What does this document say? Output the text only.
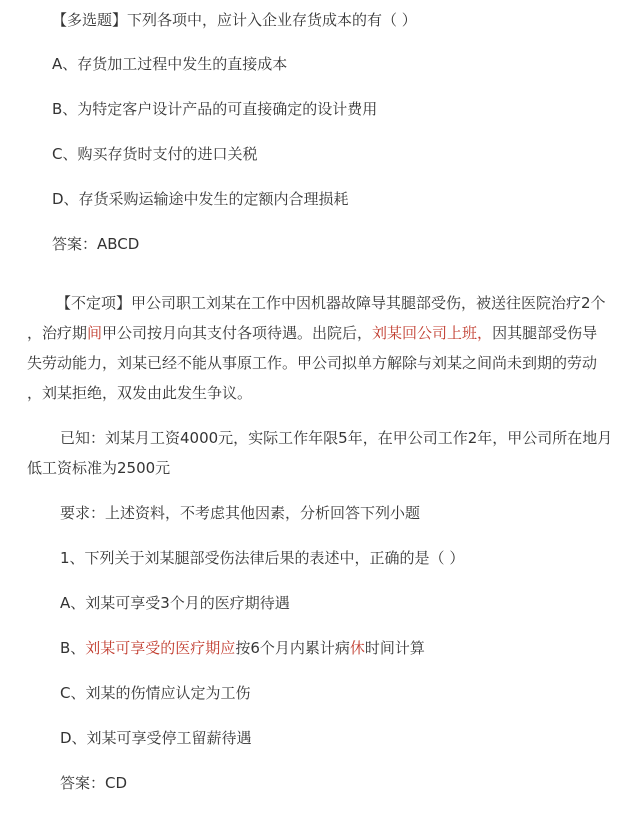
【多选题】下列各项中，应计入企业存货成本的有（ ）
A、存货加工过程中发生的直接成本
B、为特定客户设计产品的可直接确定的设计费用
C、购买存货时支付的进口关税
D、存货采购运输途中发生的定额内合理损耗
答案：ABCD
【不定项】甲公司职工刘某在工作中因机器故障导其腿部受伤，被送往医院治疗2个
，治疗期间甲公司按月向其支付各项待遇。出院后，刘某回公司上班，因其腿部受伤导
失劳动能力，刘某已经不能从事原工作。甲公司拟单方解除与刘某之间尚未到期的劳动
，刘某拒绝，双发由此发生争议。
已知：刘某月工资4000元，实际工作年限5年，在甲公司工作2年，甲公司所在地月
低工资标准为2500元
要求：上述资料，不考虑其他因素，分析回答下列小题
1、下列关于刘某腿部受伤法律后果的表述中，正确的是（ ）
A、刘某可享受3个月的医疗期待遇
B、刘某可享受的医疗期应按6个月内累计病休时间计算
C、刘某的伤情应认定为工伤
D、刘某可享受停工留薪待遇
答案：CD
